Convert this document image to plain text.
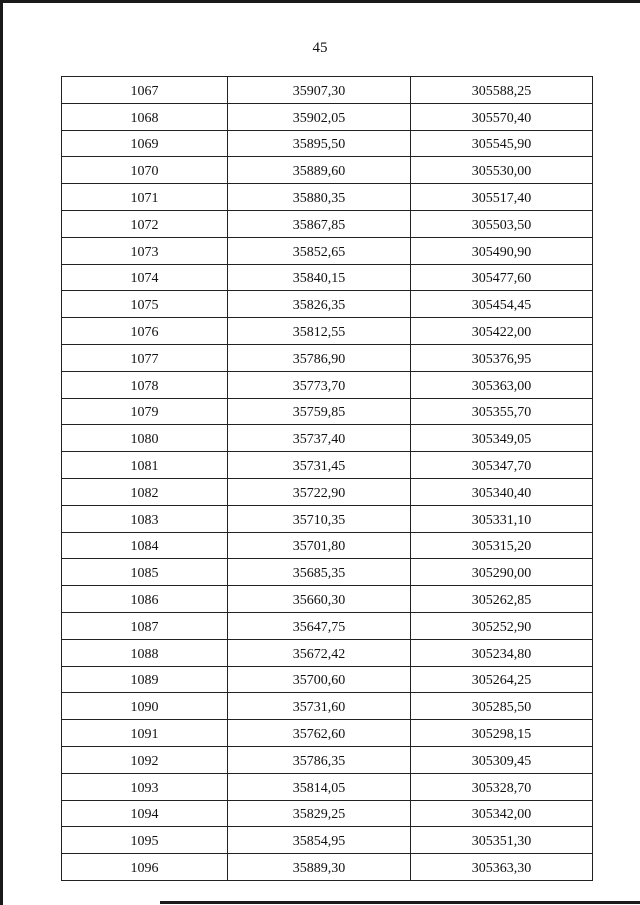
45
1067	35907,30	305588,25
1068	35902,05	305570,40
1069	35895,50	305545,90
1070	35889,60	305530,00
1071	35880,35	305517,40
1072	35867,85	305503,50
1073	35852,65	305490,90
1074	35840,15	305477,60
1075	35826,35	305454,45
1076	35812,55	305422,00
1077	35786,90	305376,95
1078	35773,70	305363,00
1079	35759,85	305355,70
1080	35737,40	305349,05
1081	35731,45	305347,70
1082	35722,90	305340,40
1083	35710,35	305331,10
1084	35701,80	305315,20
1085	35685,35	305290,00
1086	35660,30	305262,85
1087	35647,75	305252,90
1088	35672,42	305234,80
1089	35700,60	305264,25
1090	35731,60	305285,50
1091	35762,60	305298,15
1092	35786,35	305309,45
1093	35814,05	305328,70
1094	35829,25	305342,00
1095	35854,95	305351,30
1096	35889,30	305363,30
